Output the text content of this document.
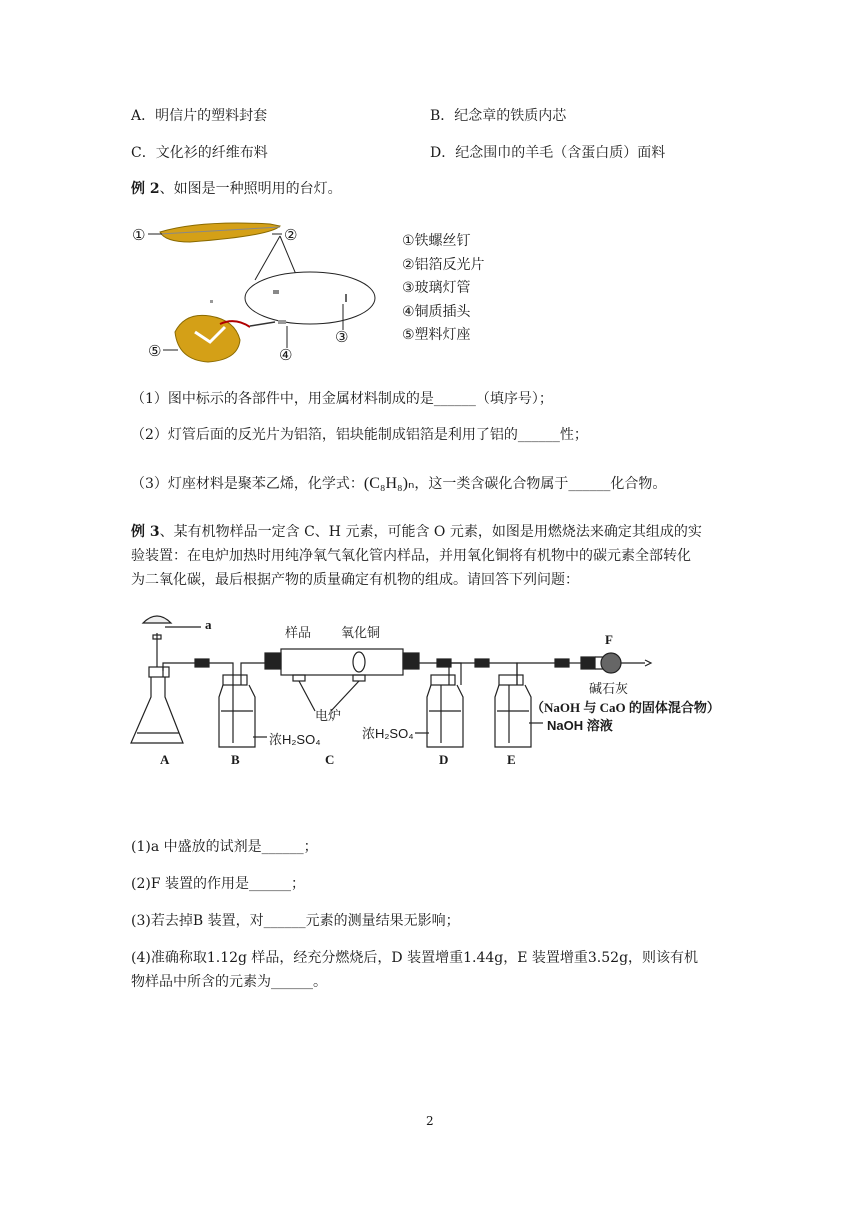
A．明信片的塑料封套	B．纪念章的铁质内芯
C．文化衫的纤维布料	D．纪念围巾的羊毛（含蛋白质）面料
例 2、如图是一种照明用的台灯。
①	②
③
④
⑤
①铁螺丝钉
②铝箔反光片
③玻璃灯管
④铜质插头
⑤塑料灯座
（1）图中标示的各部件中，用金属材料制成的是______（填序号）；
（2）灯管后面的反光片为铝箔，铝块能制成铝箔是利用了铝的______性；
（3）灯座材料是聚苯乙烯，化学式：(C₈H₈)ₙ，这一类含碳化合物属于______化合物。
例 3、某有机物样品一定含 C、H 元素，可能含 O 元素，如图是用燃烧法来确定其组成的实
验装置：在电炉加热时用纯净氧气氧化管内样品，并用氧化铜将有机物中的碳元素全部转化
为二氧化碳，最后根据产物的质量确定有机物的组成。请回答下列问题：
a
样品 氧化铜
电炉
F
碱石灰
（NaOH 与 CaO 的固体混合物）
浓H₂SO₄	浓H₂SO₄
NaOH 溶液
A	B	C	D	E
(1)a 中盛放的试剂是______；
(2)F 装置的作用是______；
(3)若去掉B 装置，对______元素的测量结果无影响；
(4)准确称取1.12g 样品，经充分燃烧后，D 装置增重1.44g，E 装置增重3.52g，则该有机
物样品中所含的元素为______。
2
